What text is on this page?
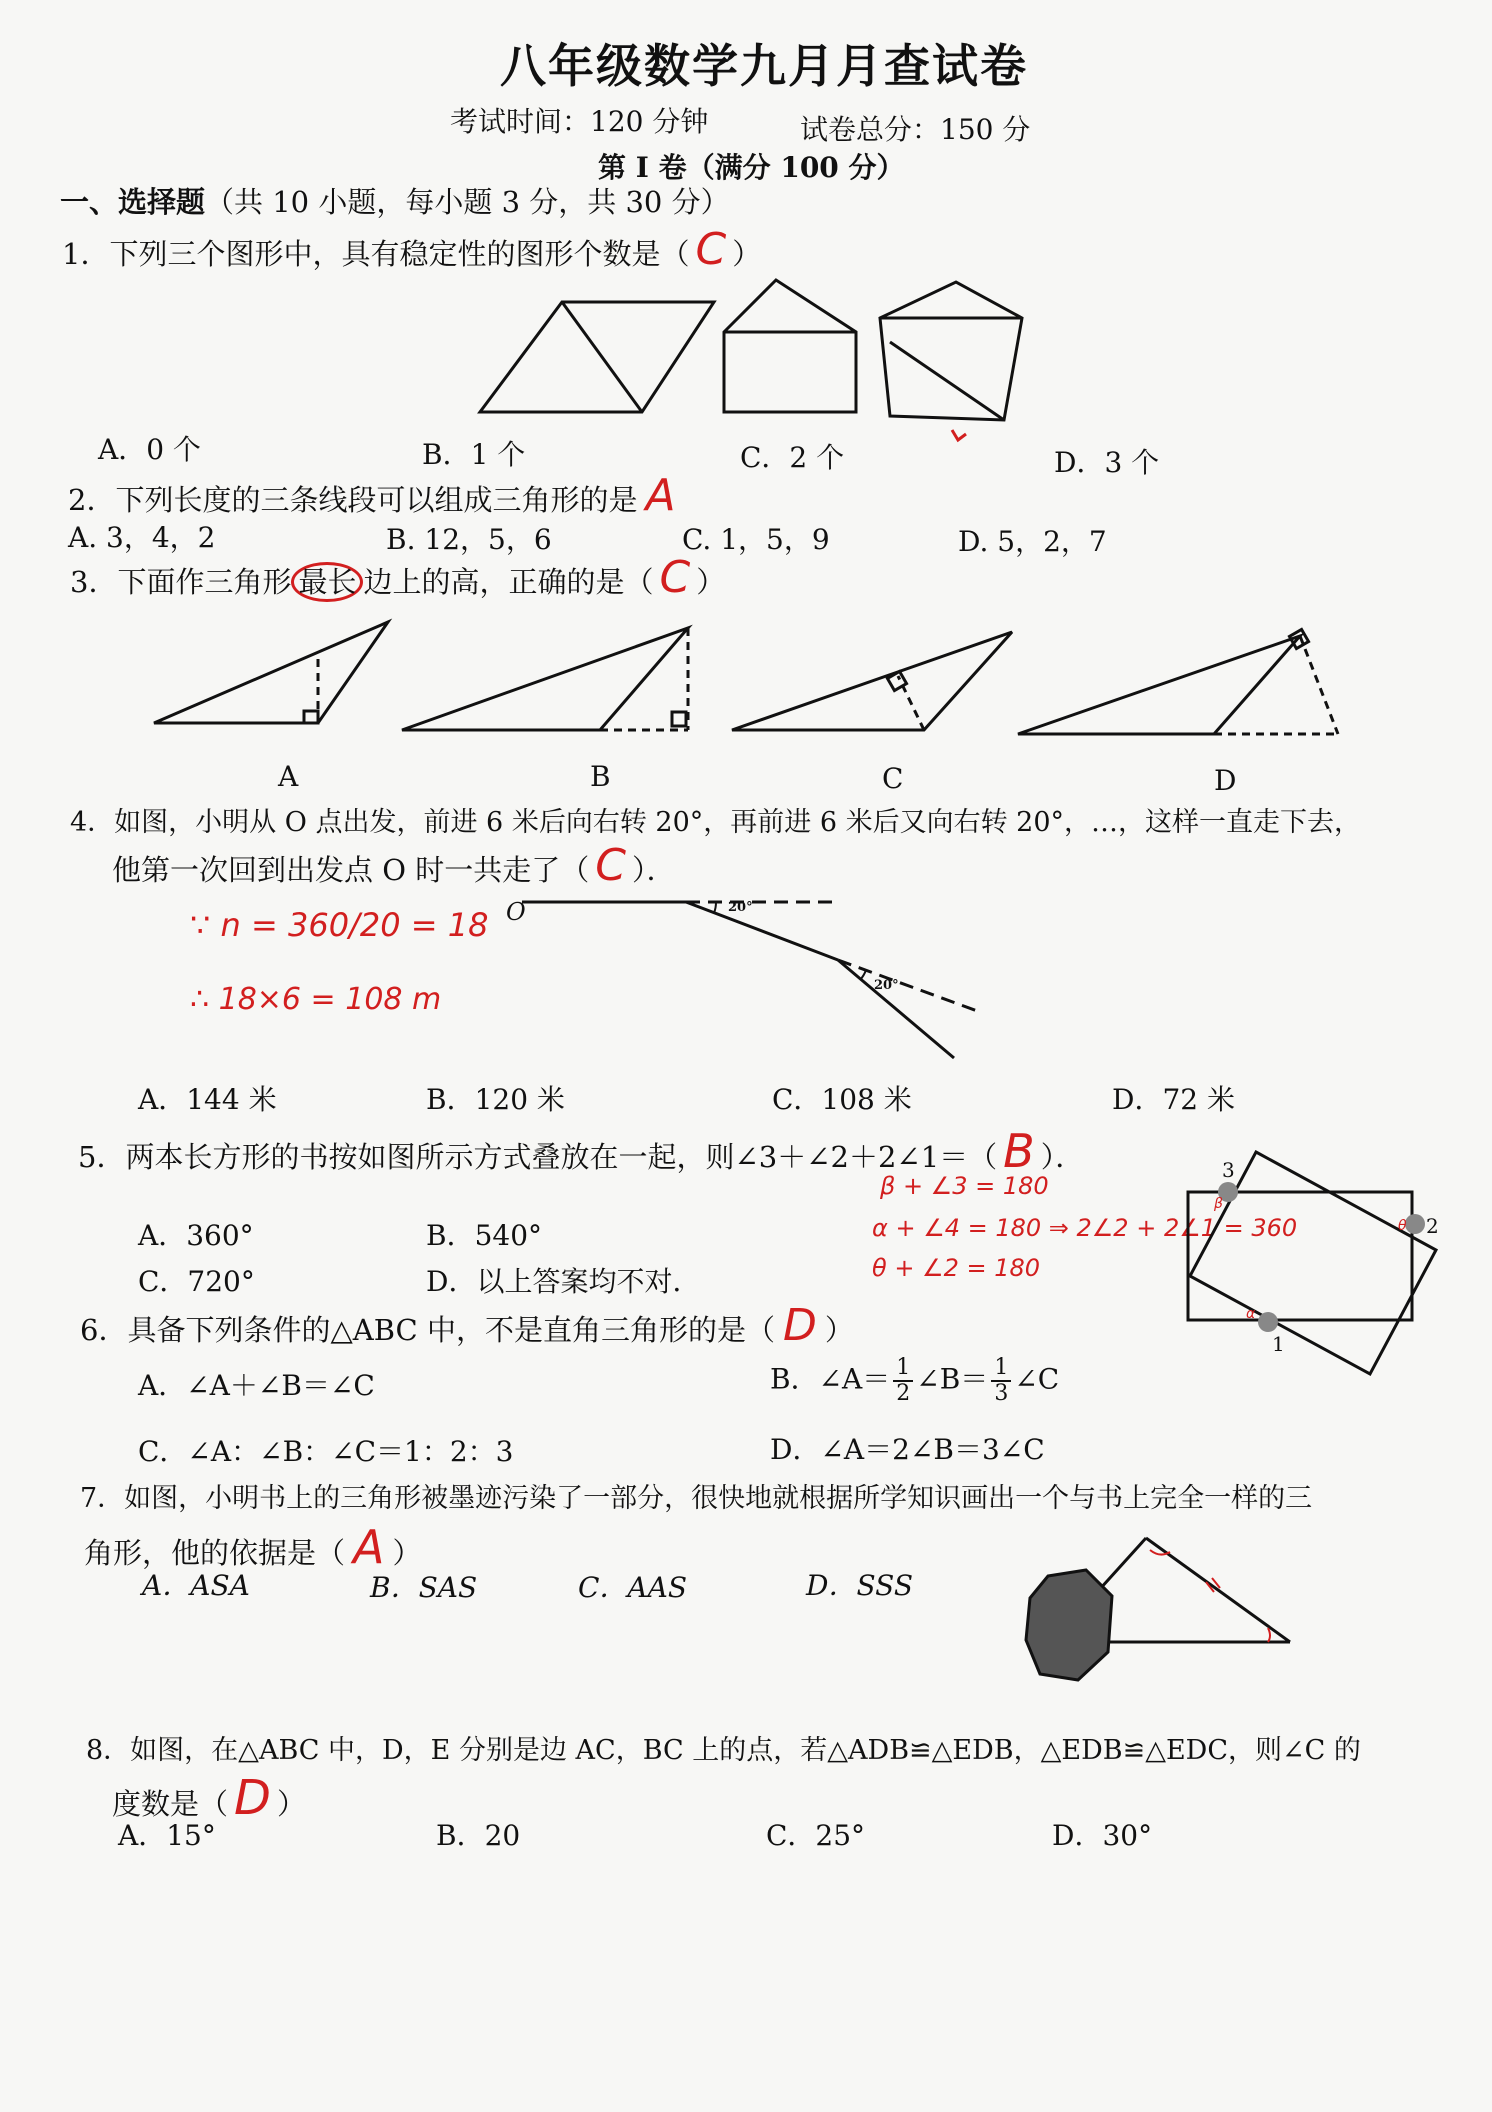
八年级数学九月月查试卷
考试时间：120 分钟	试卷总分：150 分
第 I 卷（满分 100 分）
一、选择题（共 10 小题，每小题 3 分，共 30 分）
1．下列三个图形中，具有稳定性的图形个数是（ C ）
A．0 个	B．1 个	C．2 个	D．3 个
2．下列长度的三条线段可以组成三角形的是 A
A. 3，4，2	B. 12，5，6	C. 1，5，9	D. 5，2，7
3．下面作三角形 最长 边上的高，正确的是（ C ）
A	B	C	D
4．如图，小明从 O 点出发，前进 6 米后向右转 20°，再前进 6 米后又向右转 20°，…，这样一直走下去，
他第一次回到出发点 O 时一共走了（ C ）．
O	20°
20°
∵ n = 360/20 = 18
∴ 18×6 = 108 m
A．144 米	B．120 米	C．108 米	D．72 米
5．两本长方形的书按如图所示方式叠放在一起，则∠3＋∠2＋2∠1＝（ B ）．
A．360°	B．540°
C．720°	D．以上答案均不对．
β + ∠3 = 180
α + ∠4 = 180 ⇒ 2∠2 + 2∠1 = 360
θ + ∠2 = 180
3
2
1
β
θ
α
6．具备下列条件的△ABC 中，不是直角三角形的是（ D ）
A．∠A＋∠B＝∠C	B．∠A＝ $\frac{1}{2}$ ∠B＝ $\frac{1}{3}$ ∠C
C．∠A：∠B：∠C＝1：2：3	D．∠A＝2∠B＝3∠C
7．如图，小明书上的三角形被墨迹污染了一部分，很快地就根据所学知识画出一个与书上完全一样的三
角形，他的依据是（ A ）
A．ASA	B．SAS	C．AAS	D．SSS
8．如图，在△ABC 中，D，E 分别是边 AC，BC 上的点，若△ADB≌△EDB，△EDB≌△EDC，则∠C 的
度数是（ D ）
A．15°	B．20	C．25°	D．30°
